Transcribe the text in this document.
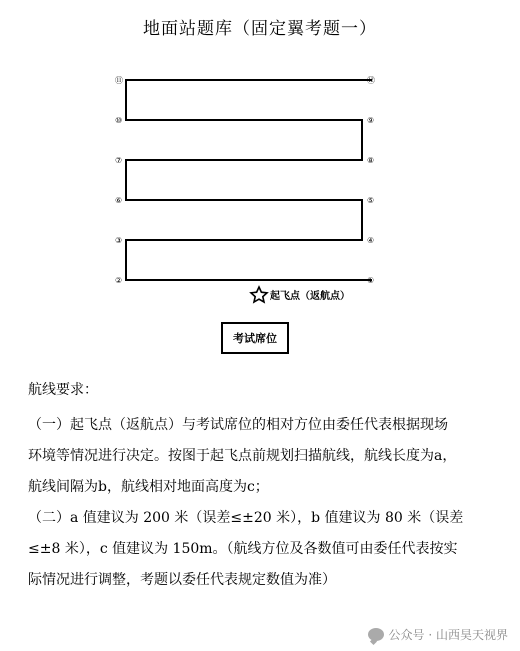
地面站题库（固定翼考题一）
②
③
⑥
⑦
⑩
⑪
①
④
⑤
⑧
⑨
⑫
起飞点（返航点）
考试席位
航线要求：

（一）起飞点（返航点）与考试席位的相对方位由委任代表根据现场

环境等情况进行决定。按图于起飞点前规划扫描航线，航线长度为a，

航线间隔为b，航线相对地面高度为c；

（二）a 值建议为 200 米（误差≤±20 米），b 值建议为 80 米（误差

≤±8 米），c 值建议为 150m。（航线方位及各数值可由委任代表按实

际情况进行调整，考题以委任代表规定数值为准）

公众号 · 山西昊天视界
